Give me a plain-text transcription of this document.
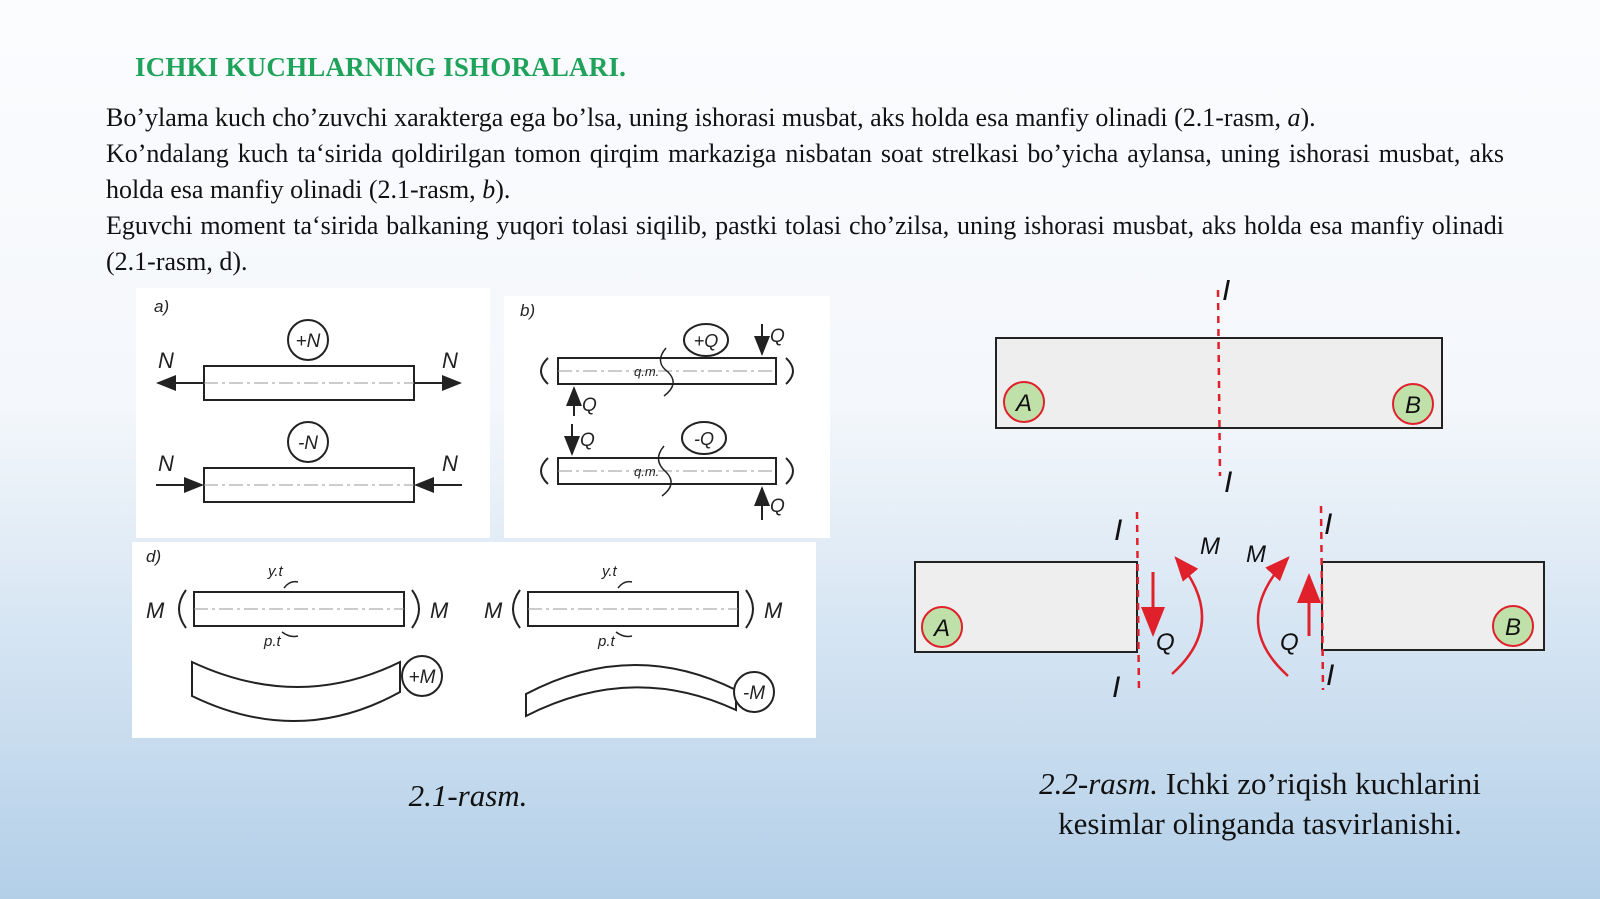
ICHKI KUCHLARNING ISHORALARI.

Bo’ylama kuch cho’zuvchi xarakterga ega bo’lsa, uning ishorasi musbat, aks holda esa manfiy olinadi (2.1-rasm, a).

Ko’ndalang kuch ta‘sirida qoldirilgan tomon qirqim markaziga nisbatan soat strelkasi bo’yicha aylansa, uning ishorasi musbat, aks holda esa manfiy olinadi (2.1-rasm, b).

Eguvchi moment ta‘sirida balkaning yuqori tolasi siqilib, pastki tolasi cho’zilsa, uning ishorasi musbat, aks holda esa manfiy olinadi (2.1-rasm, d).

a)
N	N
+N
N	N
-N
b)
q.m.
Q
Q
+Q
q.m.
Q
Q
-Q
d)
M	M
y.t
p.t
+M
M	M
y.t
p.t
-M
I
I
A	B
I
I
A
Q
M
I
I
B
Q
M
2.1-rasm.	2.2-rasm. Ichki zo’riqish kuchlarini
kesimlar olinganda tasvirlanishi.
